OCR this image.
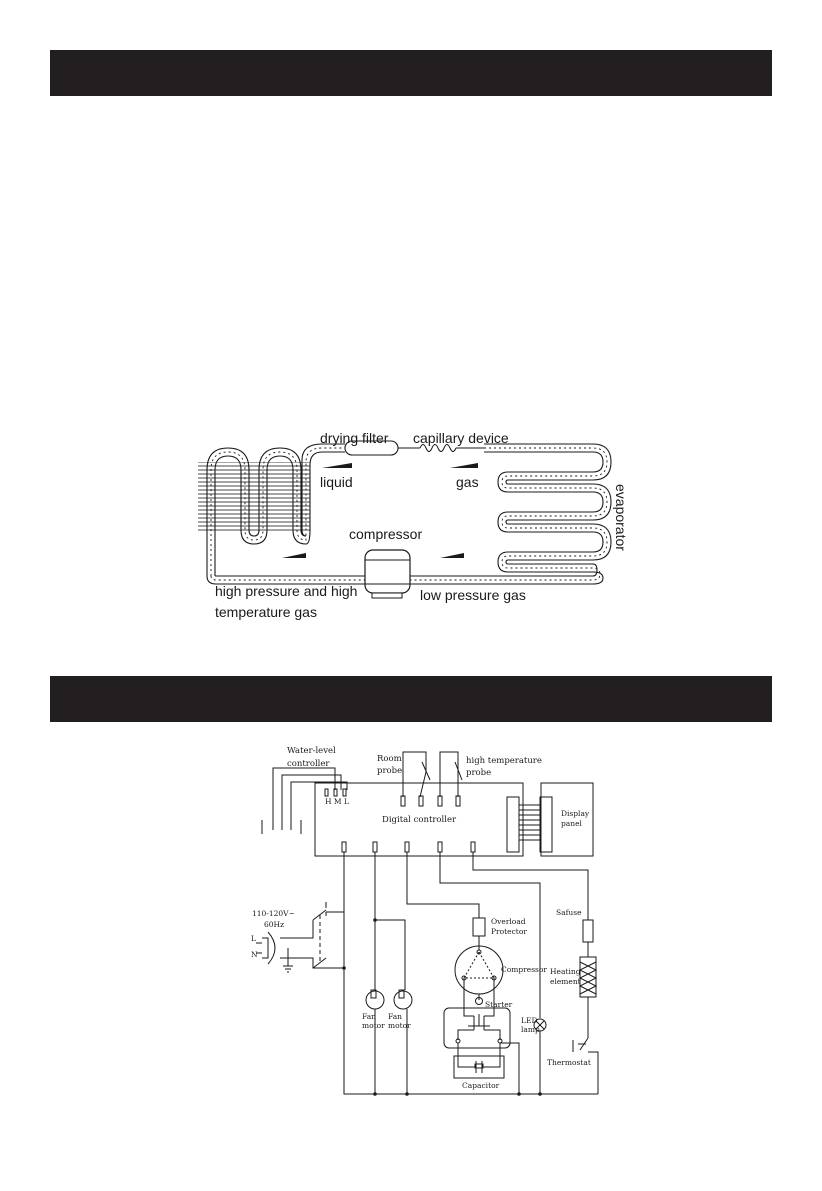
drying filter capillary device
liquid	gas
compressor	evaporator
high pressure and high
temperature gas
low pressure gas
Digital controller
Display
panel
Water-level
controller
H M L
Room
probe
high temperature
probe
110-120V~
60Hz
L
N
Fan
motor
Fan
motor
Overload
Protector
Compressor
Starter
Capacitor
LED
lamp
Safuse
Heating
element
Thermostat
